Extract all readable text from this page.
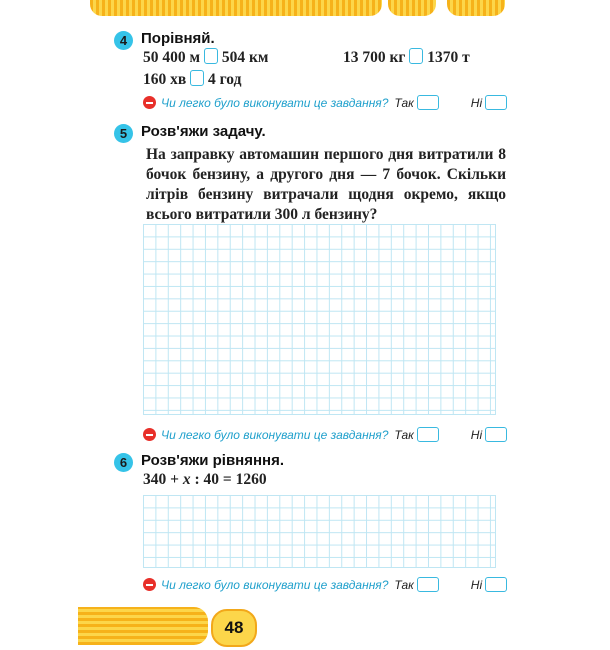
4 Порівняй.
50 400 м 504 км	13 700 кг 1370 т
160 хв 4 год
Чи легко було виконувати це завдання? Так	Ні
5 Розв'яжи задачу.
На заправку автомашин першого дня витратили 8 бочок бензину, а другого дня — 7 бочок. Скільки літрів бензину витрачали щодня окремо, якщо всього витратили 300 л бензину?
Чи легко було виконувати це завдання? Так	Ні
6 Розв'яжи рівняння.
340 + x : 40 = 1260
Чи легко було виконувати це завдання? Так	Ні
48
